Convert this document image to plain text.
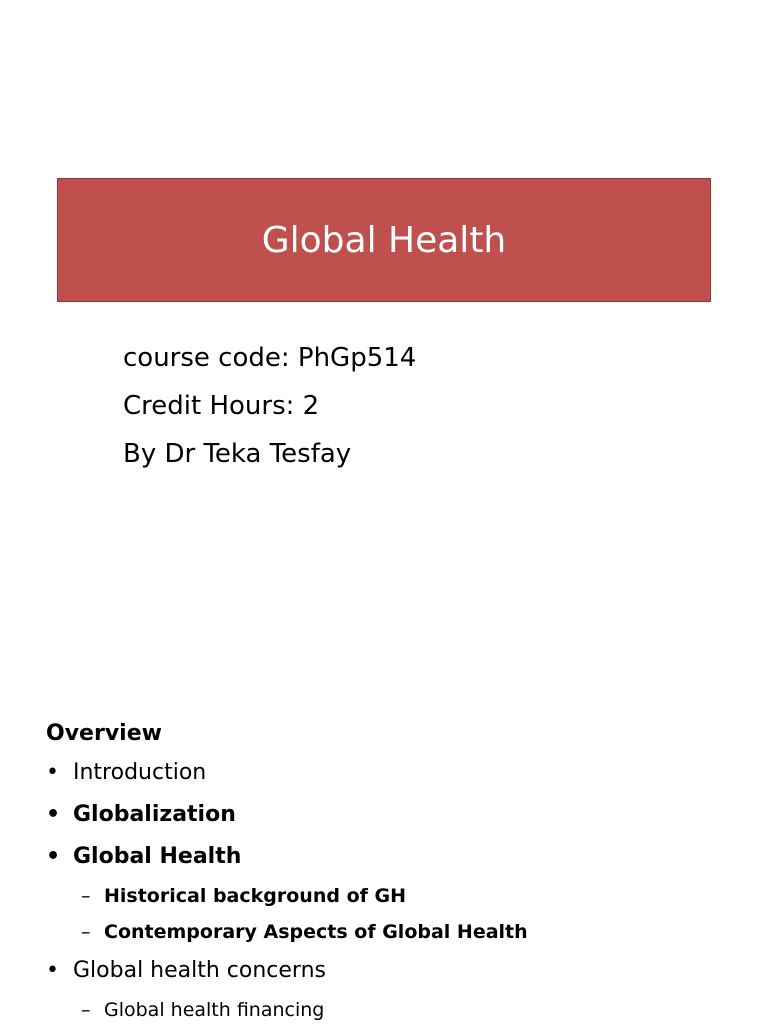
Global Health
course code: PhGp514
Credit Hours: 2
By Dr Teka Tesfay
Overview
• Introduction
• Globalization
• Global Health
– Historical background of GH
– Contemporary Aspects of Global Health
• Global health concerns
– Global health financing
